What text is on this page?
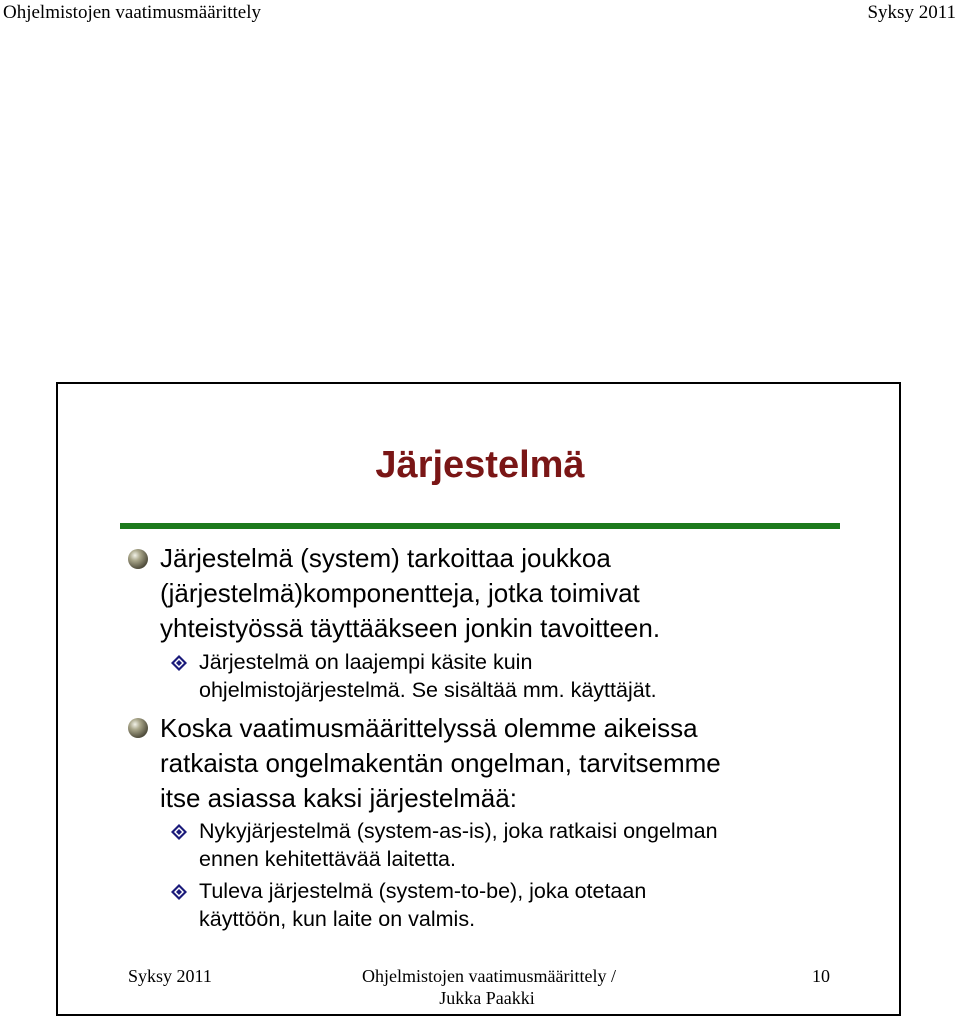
Ohjelmistojen vaatimusmäärittely	Syksy 2011
Järjestelmä
Järjestelmä (system) tarkoittaa joukkoa
(järjestelmä)komponentteja, jotka toimivat
yhteistyössä täyttääkseen jonkin tavoitteen.
Järjestelmä on laajempi käsite kuin
ohjelmistojärjestelmä. Se sisältää mm. käyttäjät.
Koska vaatimusmäärittelyssä olemme aikeissa
ratkaista ongelmakentän ongelman, tarvitsemme
itse asiassa kaksi järjestelmää:
Nykyjärjestelmä (system-as-is), joka ratkaisi ongelman
ennen kehitettävää laitetta.
Tuleva järjestelmä (system-to-be), joka otetaan
käyttöön, kun laite on valmis.
Syksy 2011	Ohjelmistojen vaatimusmäärittely /
Jukka Paakki
10
